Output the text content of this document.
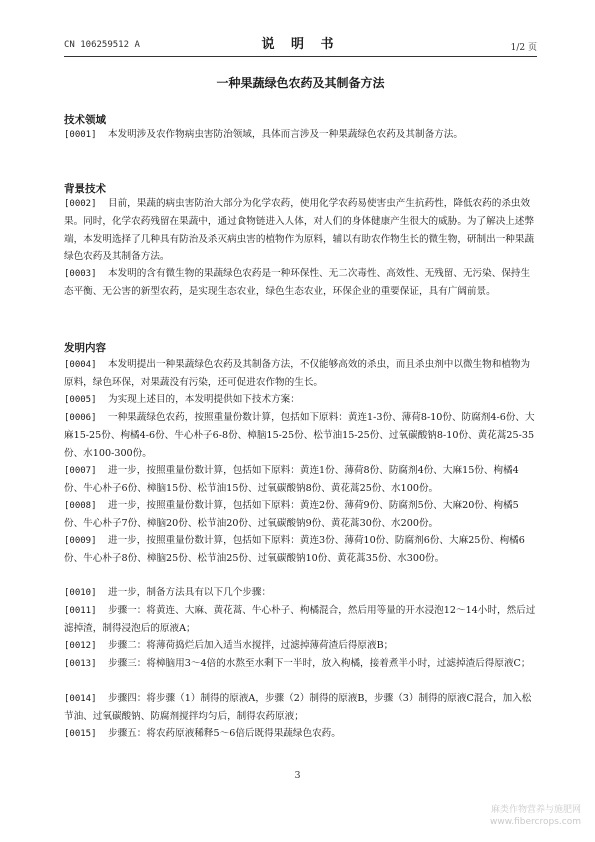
CN 106259512 A	说 明 书	1/2 页
一种果蔬绿色农药及其制备方法
技术领域
[0001] 本发明涉及农作物病虫害防治领域，具体而言涉及一种果蔬绿色农药及其制备方法。
背景技术
[0002] 目前，果蔬的病虫害防治大部分为化学农药，使用化学农药易使害虫产生抗药性，降低农药的杀虫效果。同时，化学农药残留在果蔬中，通过食物链进入人体，对人们的身体健康产生很大的威胁。为了解决上述弊端，本发明选择了几种具有防治及杀灭病虫害的植物作为原料，辅以有助农作物生长的微生物，研制出一种果蔬绿色农药及其制备方法。
[0003] 本发明的含有微生物的果蔬绿色农药是一种环保性、无二次毒性、高效性、无残留、无污染、保持生态平衡、无公害的新型农药，是实现生态农业，绿色生态农业，环保企业的重要保证，具有广阔前景。
发明内容
[0004] 本发明提出一种果蔬绿色农药及其制备方法，不仅能够高效的杀虫，而且杀虫剂中以微生物和植物为原料，绿色环保，对果蔬没有污染，还可促进农作物的生长。
[0005] 为实现上述目的，本发明提供如下技术方案：
[0006] 一种果蔬绿色农药，按照重量份数计算，包括如下原料：黄连1-3份、薄荷8-10份、防腐剂4-6份、大麻15-25份、枸橘4-6份、牛心朴子6-8份、樟脑15-25份、松节油15-25份、过氧碳酸钠8-10份、黄花蒿25-35份、水100-300份。
[0007] 进一步，按照重量份数计算，包括如下原料：黄连1份、薄荷8份、防腐剂4份、大麻15份、枸橘4份、牛心朴子6份、樟脑15份、松节油15份、过氧碳酸钠8份、黄花蒿25份、水100份。
[0008] 进一步，按照重量份数计算，包括如下原料：黄连2份、薄荷9份、防腐剂5份、大麻20份、枸橘5份、牛心朴子7份、樟脑20份、松节油20份、过氧碳酸钠9份、黄花蒿30份、水200份。
[0009] 进一步，按照重量份数计算，包括如下原料：黄连3份、薄荷10份、防腐剂6份、大麻25份、枸橘6份、牛心朴子8份、樟脑25份、松节油25份、过氧碳酸钠10份、黄花蒿35份、水300份。
[0010] 进一步，制备方法具有以下几个步骤：
[0011] 步骤一：将黄连、大麻、黄花蒿、牛心朴子、枸橘混合，然后用等量的开水浸泡12～14小时，然后过滤掉渣，制得浸泡后的原液A；
[0012] 步骤二：将薄荷捣烂后加入适当水搅拌，过滤掉薄荷渣后得原液B；
[0013] 步骤三：将樟脑用3～4倍的水熬至水剩下一半时，放入枸橘，接着煮半小时，过滤掉渣后得原液C；
[0014] 步骤四：将步骤（1）制得的原液A，步骤（2）制得的原液B，步骤（3）制得的原液C混合，加入松节油、过氧碳酸钠、防腐剂搅拌均匀后，制得农药原液；
[0015] 步骤五：将农药原液稀释5～6倍后既得果蔬绿色农药。
3
麻类作物营养与施肥网
www.fibercrops.com
